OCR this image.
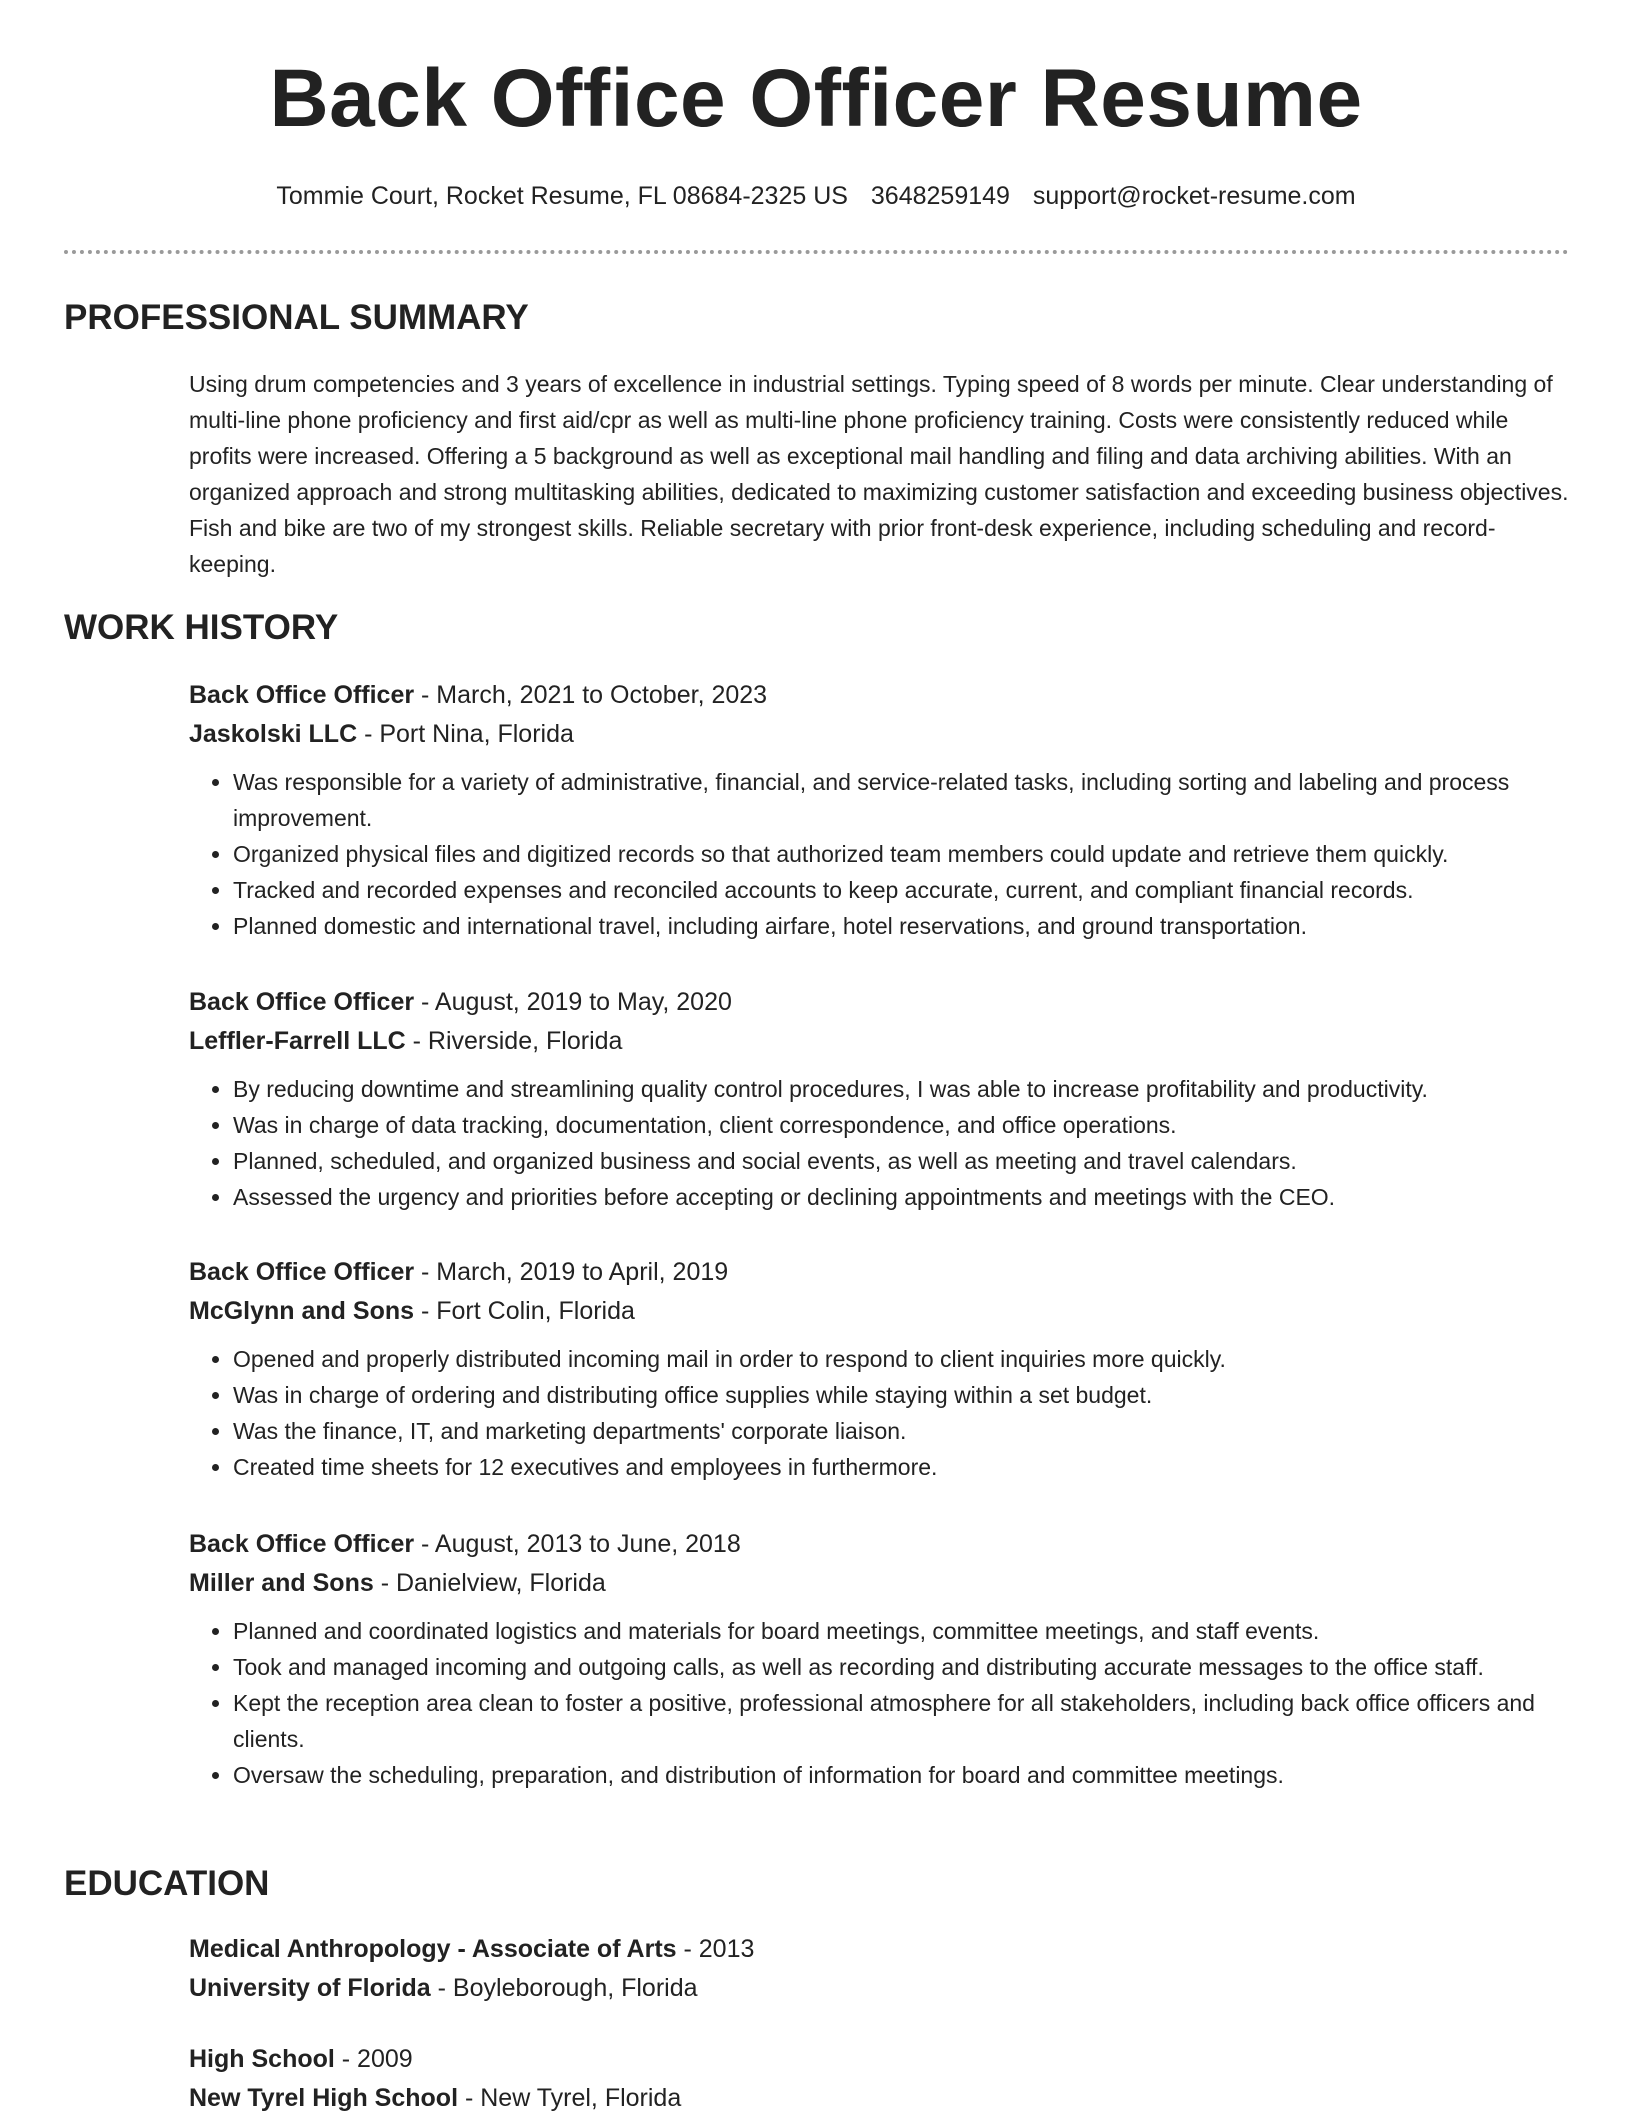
Back Office Officer Resume
Tommie Court, Rocket Resume, FL 08684-2325 US 3648259149 support@rocket-resume.com
PROFESSIONAL SUMMARY

Using drum competencies and 3 years of excellence in industrial settings. Typing speed of 8 words per minute. Clear understanding of multi-line phone proficiency and first aid/cpr as well as multi-line phone proficiency training. Costs were consistently reduced while profits were increased. Offering a 5 background as well as exceptional mail handling and filing and data archiving abilities. With an organized approach and strong multitasking abilities, dedicated to maximizing customer satisfaction and exceeding business objectives. Fish and bike are two of my strongest skills. Reliable secretary with prior front-desk experience, including scheduling and record-keeping.

WORK HISTORY
Back Office Officer - March, 2021 to October, 2023
Jaskolski LLC - Port Nina, Florida
• Was responsible for a variety of administrative, financial, and service-related tasks, including sorting and labeling and process improvement.
• Organized physical files and digitized records so that authorized team members could update and retrieve them quickly.
• Tracked and recorded expenses and reconciled accounts to keep accurate, current, and compliant financial records.
• Planned domestic and international travel, including airfare, hotel reservations, and ground transportation.
Back Office Officer - August, 2019 to May, 2020
Leffler-Farrell LLC - Riverside, Florida
• By reducing downtime and streamlining quality control procedures, I was able to increase profitability and productivity.
• Was in charge of data tracking, documentation, client correspondence, and office operations.
• Planned, scheduled, and organized business and social events, as well as meeting and travel calendars.
• Assessed the urgency and priorities before accepting or declining appointments and meetings with the CEO.
Back Office Officer - March, 2019 to April, 2019
McGlynn and Sons - Fort Colin, Florida
• Opened and properly distributed incoming mail in order to respond to client inquiries more quickly.
• Was in charge of ordering and distributing office supplies while staying within a set budget.
• Was the finance, IT, and marketing departments' corporate liaison.
• Created time sheets for 12 executives and employees in furthermore.
Back Office Officer - August, 2013 to June, 2018
Miller and Sons - Danielview, Florida
• Planned and coordinated logistics and materials for board meetings, committee meetings, and staff events.
• Took and managed incoming and outgoing calls, as well as recording and distributing accurate messages to the office staff.
• Kept the reception area clean to foster a positive, professional atmosphere for all stakeholders, including back office officers and clients.
• Oversaw the scheduling, preparation, and distribution of information for board and committee meetings.
EDUCATION
Medical Anthropology - Associate of Arts - 2013
University of Florida - Boyleborough, Florida
High School - 2009
New Tyrel High School - New Tyrel, Florida
